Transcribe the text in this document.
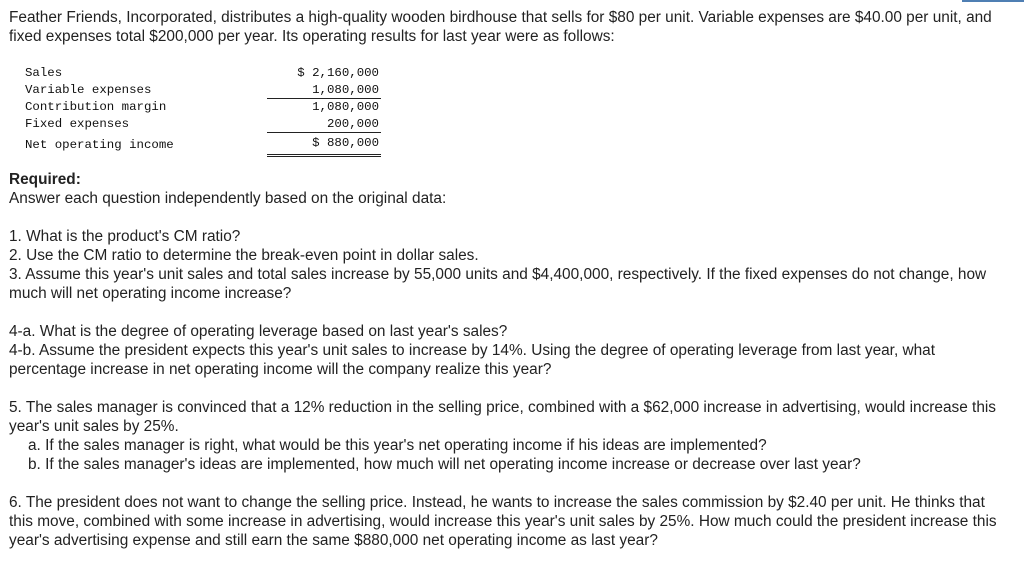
Feather Friends, Incorporated, distributes a high-quality wooden birdhouse that sells for $80 per unit. Variable expenses are $40.00 per unit, and fixed expenses total $200,000 per year. Its operating results for last year were as follows:

Sales	$ 2,160,000
Variable expenses	1,080,000
Contribution margin	1,080,000
Fixed expenses	200,000
Net operating income	$ 880,000

Required:

Answer each question independently based on the original data:

1. What is the product's CM ratio?

2. Use the CM ratio to determine the break-even point in dollar sales.

3. Assume this year's unit sales and total sales increase by 55,000 units and $4,400,000, respectively. If the fixed expenses do not change, how much will net operating income increase?

4-a. What is the degree of operating leverage based on last year's sales?

4-b. Assume the president expects this year's unit sales to increase by 14%. Using the degree of operating leverage from last year, what percentage increase in net operating income will the company realize this year?

5. The sales manager is convinced that a 12% reduction in the selling price, combined with a $62,000 increase in advertising, would increase this year's unit sales by 25%.

a. If the sales manager is right, what would be this year's net operating income if his ideas are implemented?

b. If the sales manager's ideas are implemented, how much will net operating income increase or decrease over last year?

6. The president does not want to change the selling price. Instead, he wants to increase the sales commission by $2.40 per unit. He thinks that this move, combined with some increase in advertising, would increase this year's unit sales by 25%. How much could the president increase this year's advertising expense and still earn the same $880,000 net operating income as last year?
